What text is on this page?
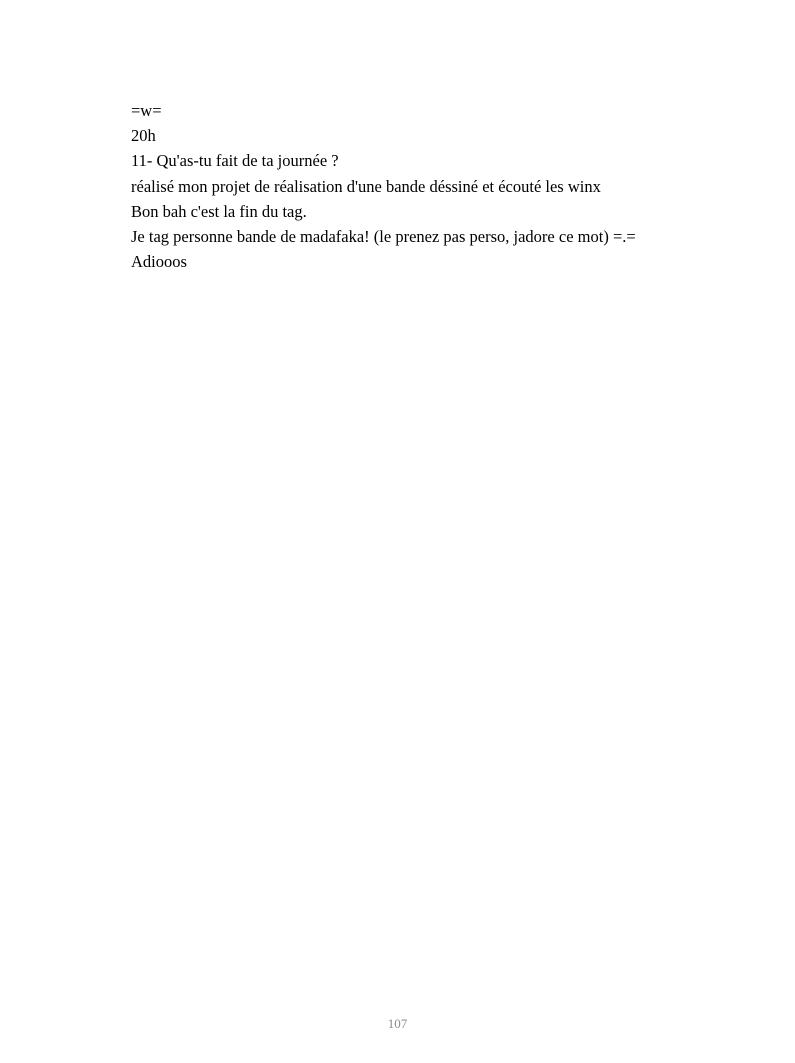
=w=
20h
11- Qu'as-tu fait de ta journée ?
réalisé mon projet de réalisation d'une bande déssiné et écouté les winx
Bon bah c'est la fin du tag.
Je tag personne bande de madafaka! (le prenez pas perso, jadore ce mot) =.=
Adiooos
107
